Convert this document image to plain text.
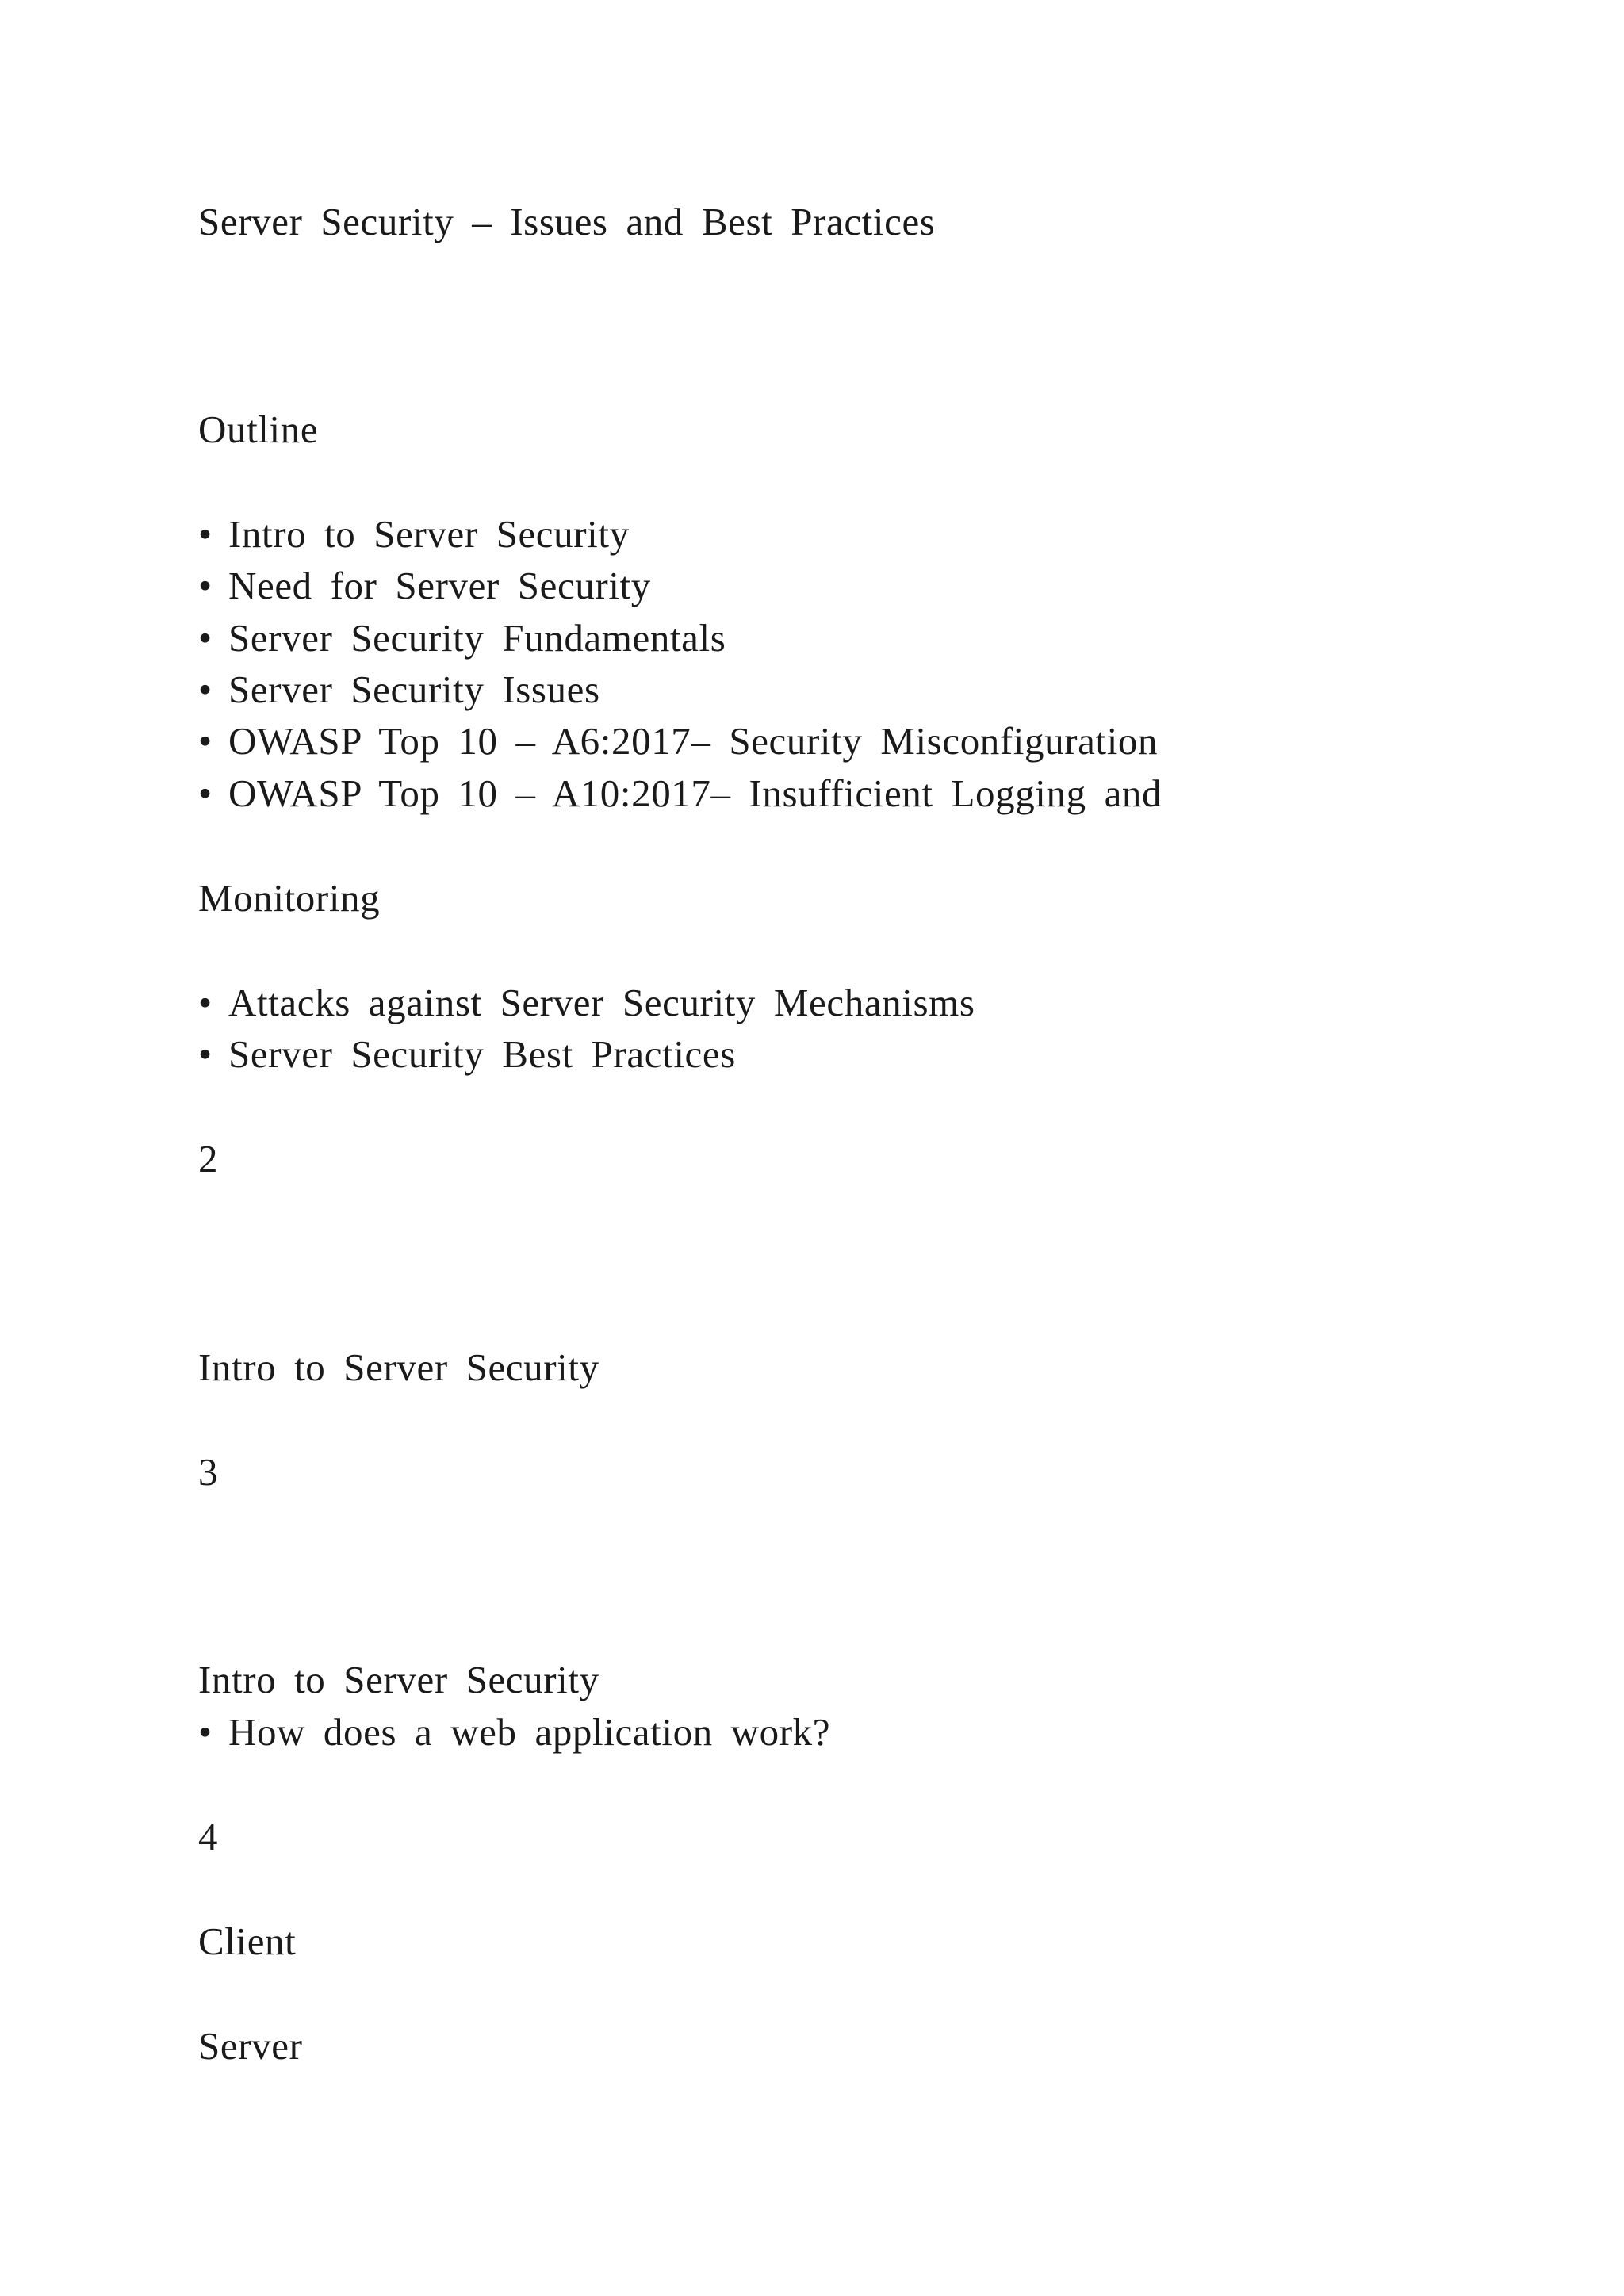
Server Security – Issues and Best Practices

Outline

• Intro to Server Security

• Need for Server Security

• Server Security Fundamentals

• Server Security Issues

• OWASP Top 10 – A6:2017– Security Misconfiguration

• OWASP Top 10 – A10:2017– Insufficient Logging and

Monitoring

• Attacks against Server Security Mechanisms

• Server Security Best Practices

2

Intro to Server Security

3

Intro to Server Security

• How does a web application work?

4

Client

Server
